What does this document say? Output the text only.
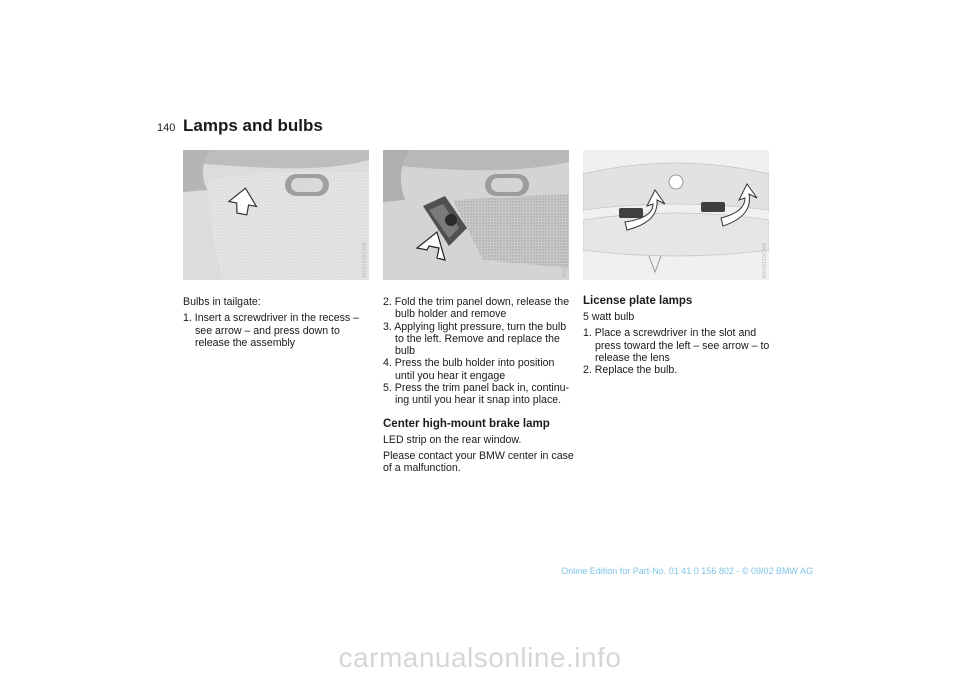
140 Lamps and bulbs
MV01026CMA	MV01027CMA	MV00110CMA

Bulbs in tailgate:

1. Insert a screwdriver in the recess – see arrow – and press down to release the assembly
2. Fold the trim panel down, release the bulb holder and remove
3. Applying light pressure, turn the bulb to the left. Remove and replace the bulb
4. Press the bulb holder into position until you hear it engage
5. Press the trim panel back in, continu- ing until you hear it snap into place.
Center high-mount brake lamp

LED strip on the rear window.

Please contact your BMW center in case of a malfunction.

License plate lamps

5 watt bulb

1. Place a screwdriver in the slot and press toward the left – see arrow – to release the lens
2. Replace the bulb.
Online Edition for Part-No. 01 41 0 156 802 - © 09/02 BMW AG
carmanualsonline.info
